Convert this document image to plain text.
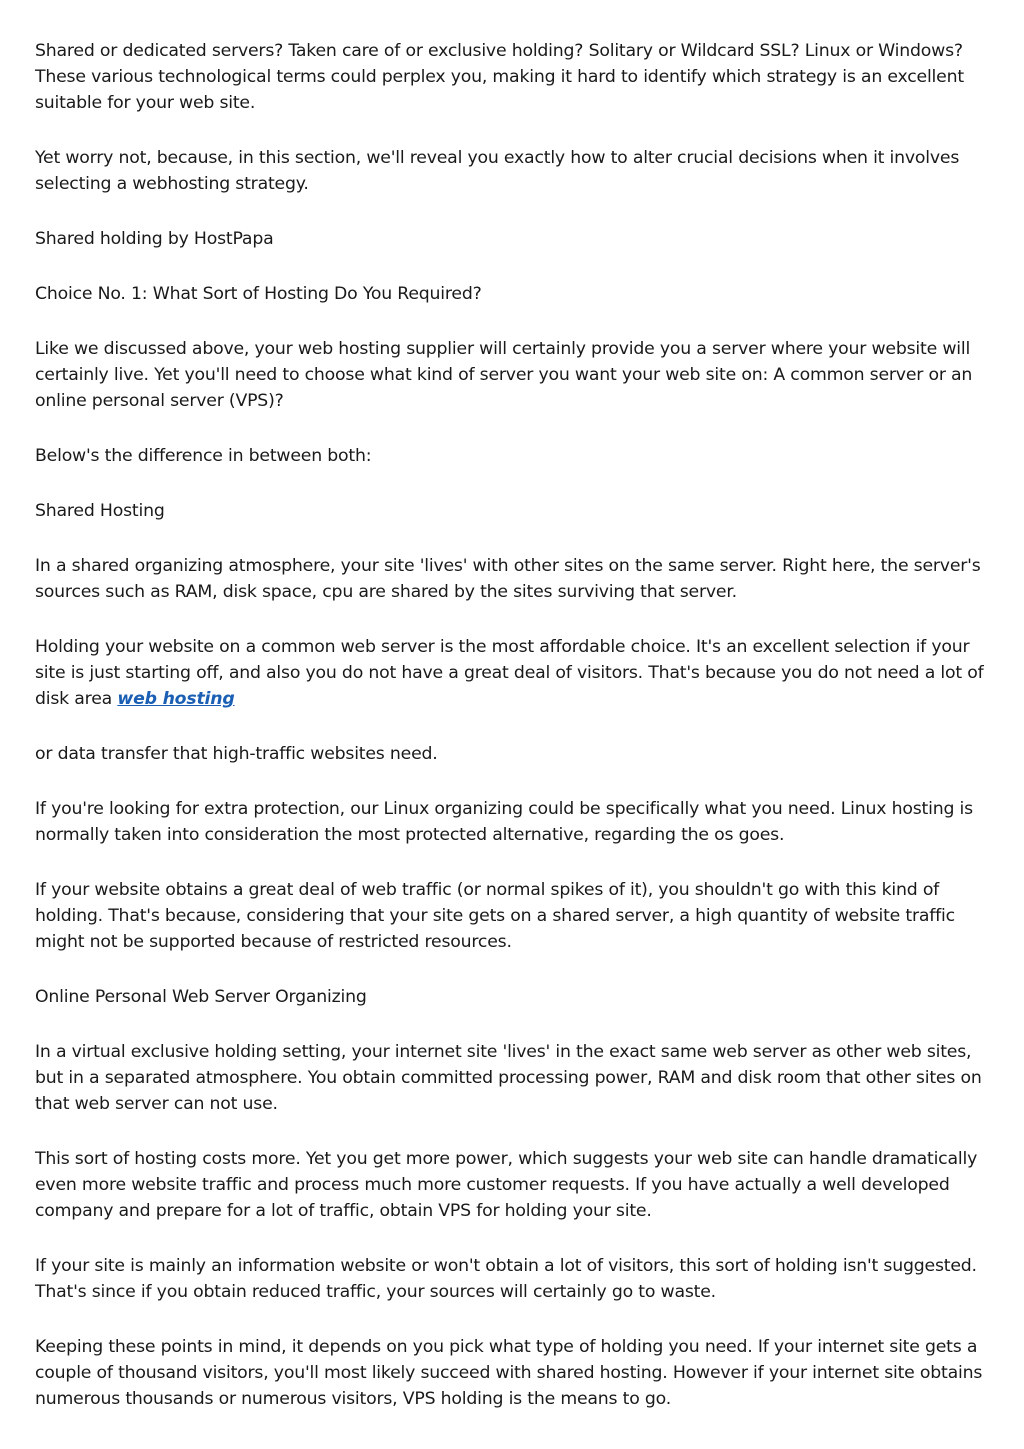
Shared or dedicated servers? Taken care of or exclusive holding? Solitary or Wildcard SSL? Linux or Windows? These various technological terms could perplex you, making it hard to identify which strategy is an excellent suitable for your web site.

Yet worry not, because, in this section, we'll reveal you exactly how to alter crucial decisions when it involves selecting a webhosting strategy.

Shared holding by HostPapa

Choice No. 1: What Sort of Hosting Do You Required?

Like we discussed above, your web hosting supplier will certainly provide you a server where your website will certainly live. Yet you'll need to choose what kind of server you want your web site on: A common server or an online personal server (VPS)?

Below's the difference in between both:

Shared Hosting

In a shared organizing atmosphere, your site 'lives' with other sites on the same server. Right here, the server's sources such as RAM, disk space, cpu are shared by the sites surviving that server.

Holding your website on a common web server is the most affordable choice. It's an excellent selection if your site is just starting off, and also you do not have a great deal of visitors. That's because you do not need a lot of disk area web hosting

or data transfer that high-traffic websites need.

If you're looking for extra protection, our Linux organizing could be specifically what you need. Linux hosting is normally taken into consideration the most protected alternative, regarding the os goes.

If your website obtains a great deal of web traffic (or normal spikes of it), you shouldn't go with this kind of holding. That's because, considering that your site gets on a shared server, a high quantity of website traffic might not be supported because of restricted resources.

Online Personal Web Server Organizing

In a virtual exclusive holding setting, your internet site 'lives' in the exact same web server as other web sites, but in a separated atmosphere. You obtain committed processing power, RAM and disk room that other sites on that web server can not use.

This sort of hosting costs more. Yet you get more power, which suggests your web site can handle dramatically even more website traffic and process much more customer requests. If you have actually a well developed company and prepare for a lot of traffic, obtain VPS for holding your site.

If your site is mainly an information website or won't obtain a lot of visitors, this sort of holding isn't suggested. That's since if you obtain reduced traffic, your sources will certainly go to waste.

Keeping these points in mind, it depends on you pick what type of holding you need. If your internet site gets a couple of thousand visitors, you'll most likely succeed with shared hosting. However if your internet site obtains numerous thousands or numerous visitors, VPS holding is the means to go.
